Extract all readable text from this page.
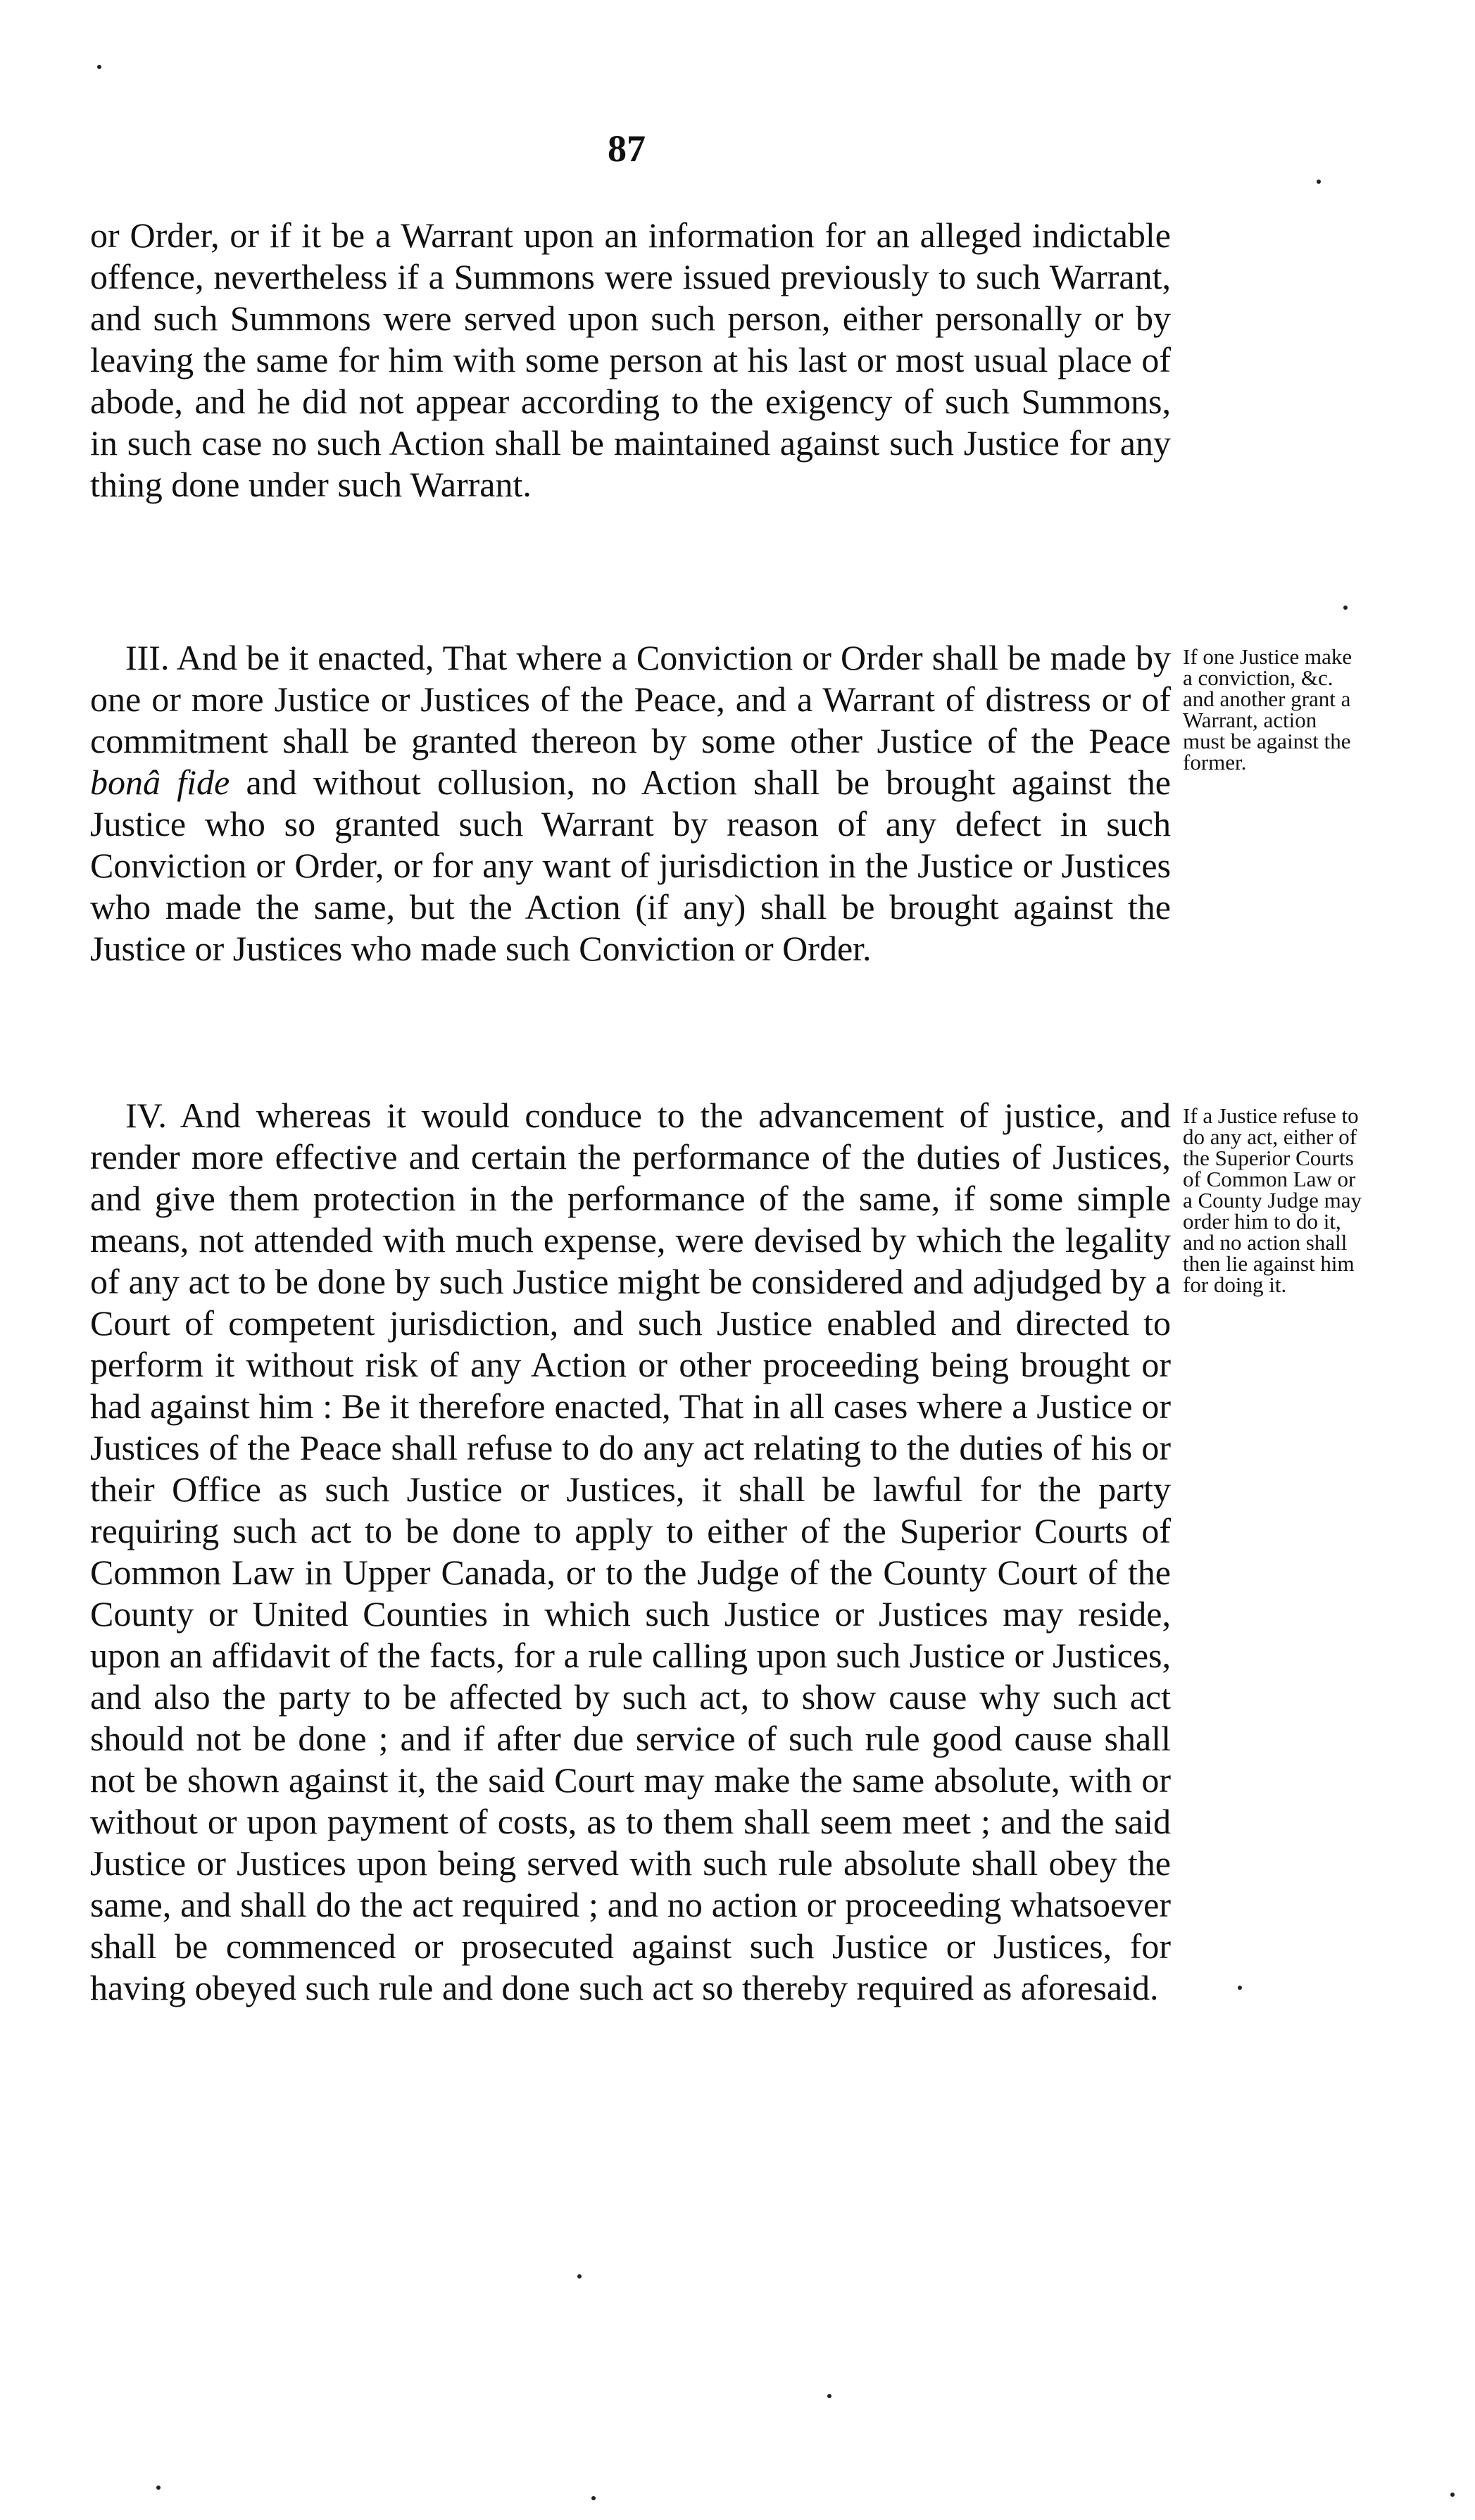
87

or Order, or if it be a Warrant upon an information for an alleged indictable offence, nevertheless if a Summons were issued previously to such Warrant, and such Summons were served upon such person, either personally or by leaving the same for him with some person at his last or most usual place of abode, and he did not appear according to the exigency of such Summons, in such case no such Action shall be maintained against such Justice for any thing done under such Warrant.

III. And be it enacted, That where a Conviction or Order shall be made by one or more Justice or Justices of the Peace, and a Warrant of distress or of commitment shall be granted thereon by some other Justice of the Peace bonâ fide and without collusion, no Action shall be brought against the Justice who so granted such Warrant by reason of any defect in such Conviction or Order, or for any want of jurisdiction in the Justice or Justices who made the same, but the Action (if any) shall be brought against the Justice or Justices who made such Conviction or Order.

If one Justice make a conviction, &c. and another grant a Warrant, action must be against the former.

IV. And whereas it would conduce to the advancement of justice, and render more effective and certain the performance of the duties of Justices, and give them protection in the performance of the same, if some simple means, not attended with much expense, were devised by which the legality of any act to be done by such Justice might be considered and adjudged by a Court of competent jurisdiction, and such Justice enabled and directed to perform it without risk of any Action or other proceeding being brought or had against him : Be it therefore enacted, That in all cases where a Justice or Justices of the Peace shall refuse to do any act relating to the duties of his or their Office as such Justice or Justices, it shall be lawful for the party requiring such act to be done to apply to either of the Superior Courts of Common Law in Upper Canada, or to the Judge of the County Court of the County or United Counties in which such Justice or Justices may reside, upon an affidavit of the facts, for a rule calling upon such Justice or Justices, and also the party to be affected by such act, to show cause why such act should not be done ; and if after due service of such rule good cause shall not be shown against it, the said Court may make the same absolute, with or without or upon payment of costs, as to them shall seem meet ; and the said Justice or Justices upon being served with such rule absolute shall obey the same, and shall do the act required ; and no action or proceeding whatsoever shall be commenced or prosecuted against such Justice or Justices, for having obeyed such rule and done such act so thereby required as aforesaid.

If a Justice refuse to do any act, either of the Superior Courts of Common Law or a County Judge may order him to do it, and no action shall then lie against him for doing it.
